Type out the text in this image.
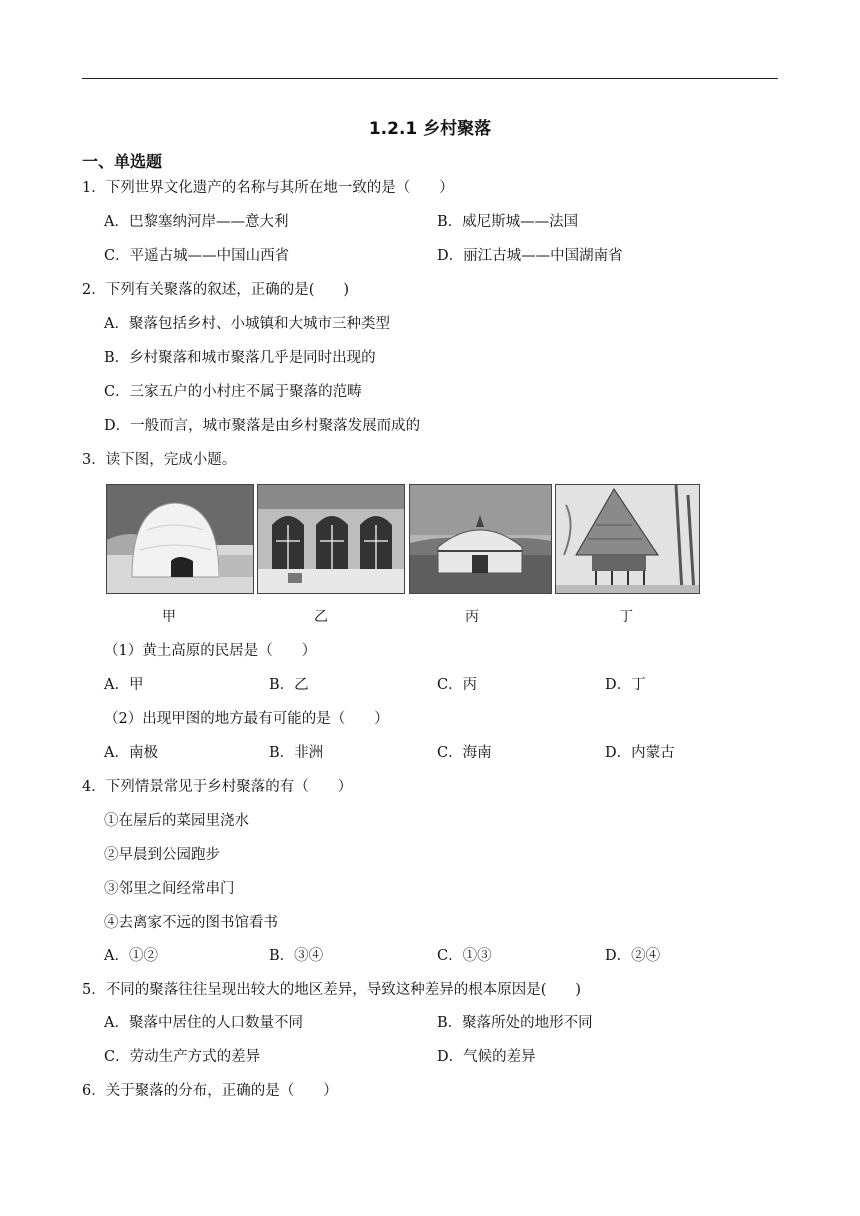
1.2.1 乡村聚落
一、单选题
1．下列世界文化遗产的名称与其所在地一致的是（　　）
A．巴黎塞纳河岸——意大利	B．威尼斯城——法国
C．平遥古城——中国山西省	D．丽江古城——中国湖南省
2．下列有关聚落的叙述，正确的是(　　)
A．聚落包括乡村、小城镇和大城市三种类型
B．乡村聚落和城市聚落几乎是同时出现的
C．三家五户的小村庄不属于聚落的范畴
D．一般而言，城市聚落是由乡村聚落发展而成的
3．读下图，完成小题。
甲	乙	丙	丁
（1）黄土高原的民居是（　　）
A．甲	B．乙	C．丙	D．丁
（2）出现甲图的地方最有可能的是（　　）
A．南极	B．非洲	C．海南	D．内蒙古
4．下列情景常见于乡村聚落的有（　　）
①在屋后的菜园里浇水
②早晨到公园跑步
③邻里之间经常串门
④去离家不远的图书馆看书
A．①②	B．③④	C．①③	D．②④
5．不同的聚落往往呈现出较大的地区差异，导致这种差异的根本原因是(　　)
A．聚落中居住的人口数量不同	B．聚落所处的地形不同
C．劳动生产方式的差异	D．气候的差异
6．关于聚落的分布，正确的是（　　）
